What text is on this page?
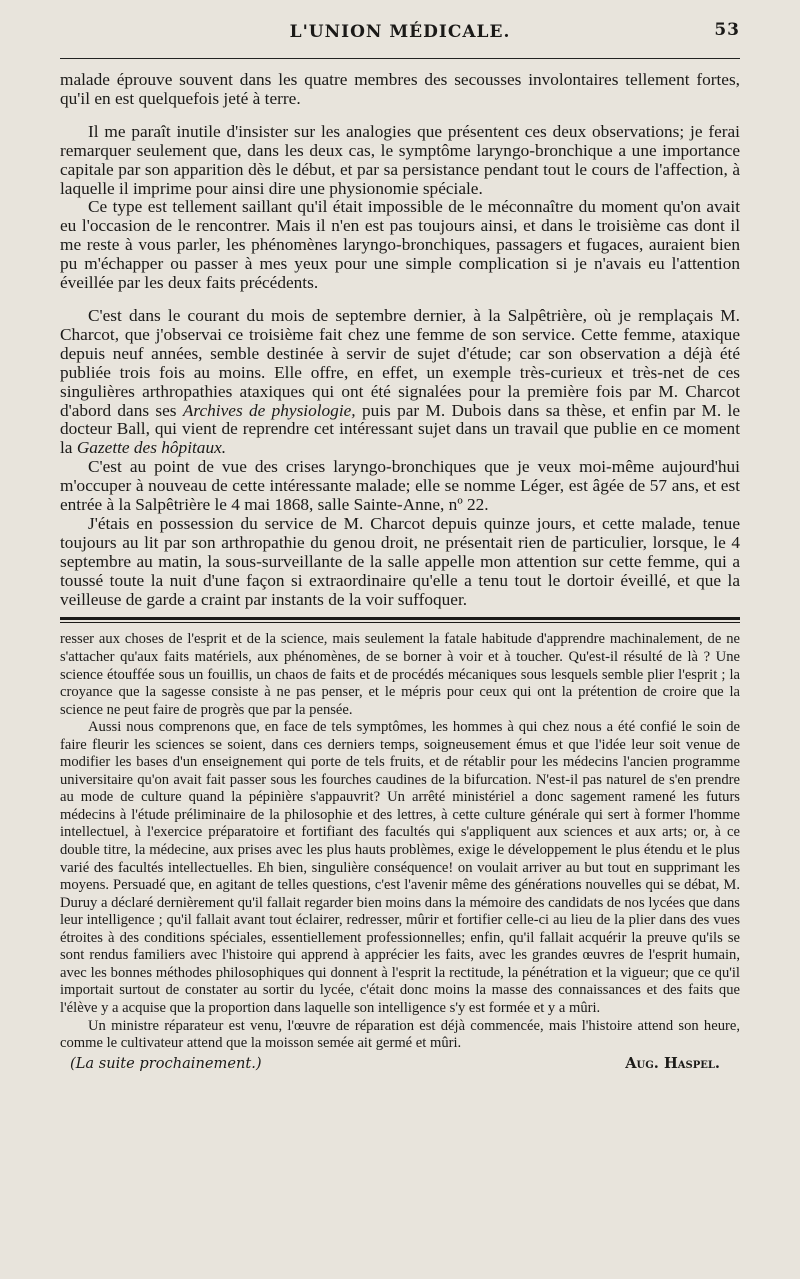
L'UNION MÉDICALE.	53

malade éprouve souvent dans les quatre membres des secousses involontaires tellement fortes, qu'il en est quelquefois jeté à terre.

Il me paraît inutile d'insister sur les analogies que présentent ces deux observations; je ferai remarquer seulement que, dans les deux cas, le symptôme laryngo-bronchique a une importance capitale par son apparition dès le début, et par sa persistance pendant tout le cours de l'affection, à laquelle il imprime pour ainsi dire une physionomie spéciale.

Ce type est tellement saillant qu'il était impossible de le méconnaître du moment qu'on avait eu l'occasion de le rencontrer. Mais il n'en est pas toujours ainsi, et dans le troisième cas dont il me reste à vous parler, les phénomènes laryngo-bronchiques, passagers et fugaces, auraient bien pu m'échapper ou passer à mes yeux pour une simple complication si je n'avais eu l'attention éveillée par les deux faits précédents.

C'est dans le courant du mois de septembre dernier, à la Salpêtrière, où je remplaçais M. Charcot, que j'observai ce troisième fait chez une femme de son service. Cette femme, ataxique depuis neuf années, semble destinée à servir de sujet d'étude; car son observation a déjà été publiée trois fois au moins. Elle offre, en effet, un exemple très-curieux et très-net de ces singulières arthropathies ataxiques qui ont été signalées pour la première fois par M. Charcot d'abord dans ses Archives de physiologie, puis par M. Dubois dans sa thèse, et enfin par M. le docteur Ball, qui vient de reprendre cet intéressant sujet dans un travail que publie en ce moment la Gazette des hôpitaux.

C'est au point de vue des crises laryngo-bronchiques que je veux moi-même aujourd'hui m'occuper à nouveau de cette intéressante malade; elle se nomme Léger, est âgée de 57 ans, et est entrée à la Salpêtrière le 4 mai 1868, salle Sainte-Anne, nº 22.

J'étais en possession du service de M. Charcot depuis quinze jours, et cette malade, tenue toujours au lit par son arthropathie du genou droit, ne présentait rien de particulier, lorsque, le 4 septembre au matin, la sous-surveillante de la salle appelle mon attention sur cette femme, qui a toussé toute la nuit d'une façon si extraordinaire qu'elle a tenu tout le dortoir éveillé, et que la veilleuse de garde a craint par instants de la voir suffoquer.

resser aux choses de l'esprit et de la science, mais seulement la fatale habitude d'apprendre machinalement, de ne s'attacher qu'aux faits matériels, aux phénomènes, de se borner à voir et à toucher. Qu'est-il résulté de là ? Une science étouffée sous un fouillis, un chaos de faits et de procédés mécaniques sous lesquels semble plier l'esprit ; la croyance que la sagesse consiste à ne pas penser, et le mépris pour ceux qui ont la prétention de croire que la science ne peut faire de progrès que par la pensée.

Aussi nous comprenons que, en face de tels symptômes, les hommes à qui chez nous a été confié le soin de faire fleurir les sciences se soient, dans ces derniers temps, soigneusement émus et que l'idée leur soit venue de modifier les bases d'un enseignement qui porte de tels fruits, et de rétablir pour les médecins l'ancien programme universitaire qu'on avait fait passer sous les fourches caudines de la bifurcation. N'est-il pas naturel de s'en prendre au mode de culture quand la pépinière s'appauvrit? Un arrêté ministériel a donc sagement ramené les futurs médecins à l'étude préliminaire de la philosophie et des lettres, à cette culture générale qui sert à former l'homme intellectuel, à l'exercice préparatoire et fortifiant des facultés qui s'appliquent aux sciences et aux arts; or, à ce double titre, la médecine, aux prises avec les plus hauts problèmes, exige le développement le plus étendu et le plus varié des facultés intellectuelles. Eh bien, singulière conséquence! on voulait arriver au but tout en supprimant les moyens. Persuadé que, en agitant de telles questions, c'est l'avenir même des générations nouvelles qui se débat, M. Duruy a déclaré dernièrement qu'il fallait regarder bien moins dans la mémoire des candidats de nos lycées que dans leur intelligence ; qu'il fallait avant tout éclairer, redresser, mûrir et fortifier celle-ci au lieu de la plier dans des vues étroites à des conditions spéciales, essentiellement professionnelles; enfin, qu'il fallait acquérir la preuve qu'ils se sont rendus familiers avec l'histoire qui apprend à apprécier les faits, avec les grandes œuvres de l'esprit humain, avec les bonnes méthodes philosophiques qui donnent à l'esprit la rectitude, la pénétration et la vigueur; que ce qu'il importait surtout de constater au sortir du lycée, c'était donc moins la masse des connaissances et des faits que l'élève y a acquise que la proportion dans laquelle son intelligence s'y est formée et y a mûri.

Un ministre réparateur est venu, l'œuvre de réparation est déjà commencée, mais l'histoire attend son heure, comme le cultivateur attend que la moisson semée ait germé et mûri.

(La suite prochainement.)	Aug. Haspel.
